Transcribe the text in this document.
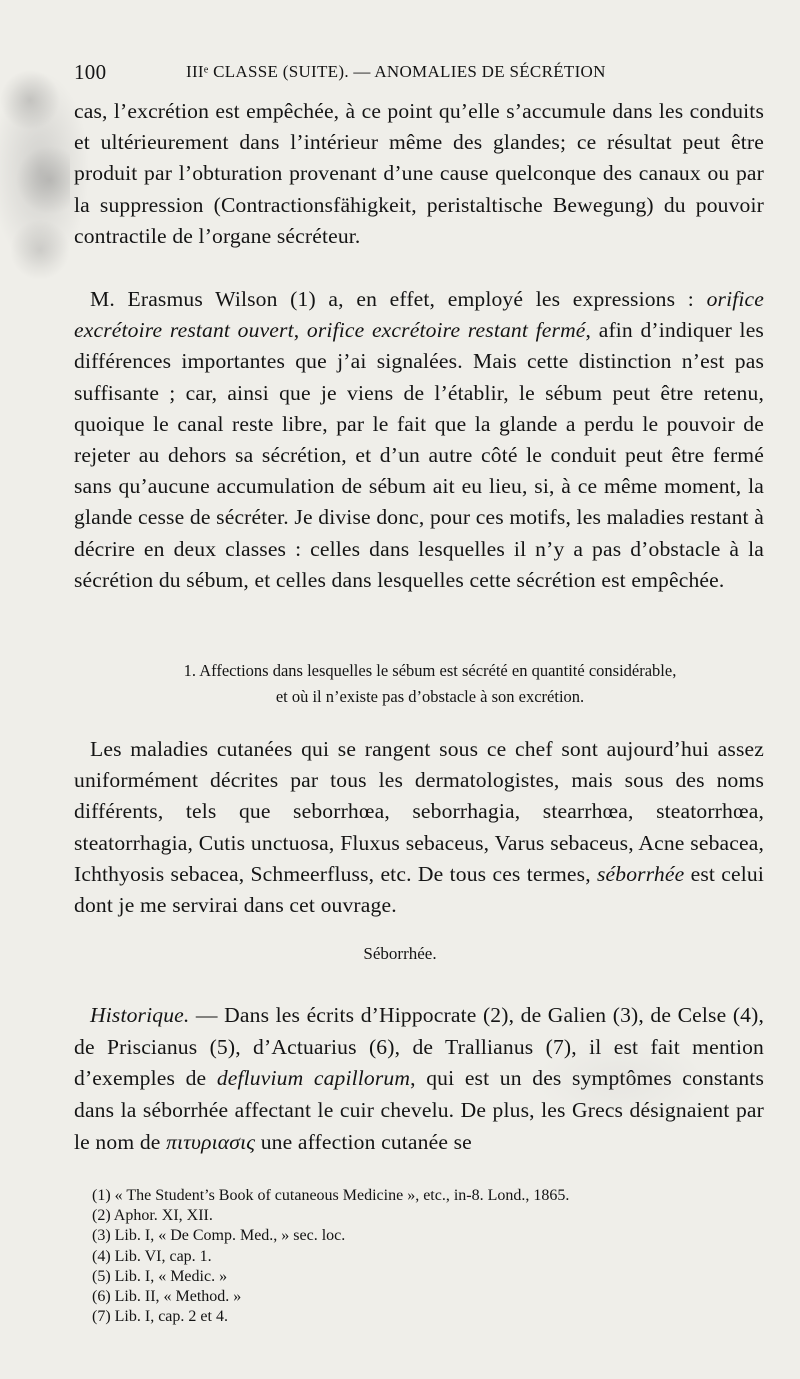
100	IIIᵉ CLASSE (SUITE). — ANOMALIES DE SÉCRÉTION
cas, l’excrétion est empêchée, à ce point qu’elle s’accumule dans les conduits et ultérieurement dans l’intérieur même des glandes; ce résultat peut être produit par l’obturation provenant d’une cause quelconque des canaux ou par la suppression (Contractionsfähigkeit, peristaltische Bewegung) du pouvoir contractile de l’organe sécréteur.
M. Erasmus Wilson (1) a, en effet, employé les expressions : orifice excrétoire restant ouvert, orifice excrétoire restant fermé, afin d’indiquer les différences importantes que j’ai signalées. Mais cette distinction n’est pas suffisante ; car, ainsi que je viens de l’établir, le sébum peut être retenu, quoique le canal reste libre, par le fait que la glande a perdu le pouvoir de rejeter au dehors sa sécrétion, et d’un autre côté le conduit peut être fermé sans qu’aucune accumulation de sébum ait eu lieu, si, à ce même moment, la glande cesse de sécréter. Je divise donc, pour ces motifs, les maladies restant à décrire en deux classes : celles dans lesquelles il n’y a pas d’obstacle à la sécrétion du sébum, et celles dans lesquelles cette sécrétion est empêchée.
1. Affections dans lesquelles le sébum est sécrété en quantité considérable,
et où il n’existe pas d’obstacle à son excrétion.
Les maladies cutanées qui se rangent sous ce chef sont aujourd’hui assez uniformément décrites par tous les dermatologistes, mais sous des noms différents, tels que seborrhœa, seborrhagia, stearrhœa, steatorrhœa, steatorrhagia, Cutis unctuosa, Fluxus sebaceus, Varus sebaceus, Acne sebacea, Ichthyosis sebacea, Schmeerfluss, etc. De tous ces termes, séborrhée est celui dont je me servirai dans cet ouvrage.
Séborrhée.
Historique. — Dans les écrits d’Hippocrate (2), de Galien (3), de Celse (4), de Priscianus (5), d’Actuarius (6), de Trallianus (7), il est fait mention d’exemples de defluvium capillorum, qui est un des symptômes constants dans la séborrhée affectant le cuir chevelu. De plus, les Grecs désignaient par le nom de πιτυριασις une affection cutanée se
(1) « The Student’s Book of cutaneous Medicine », etc., in-8. Lond., 1865.
(2) Aphor. XI, XII.
(3) Lib. I, « De Comp. Med., » sec. loc.
(4) Lib. VI, cap. 1.
(5) Lib. I, « Medic. »
(6) Lib. II, « Method. »
(7) Lib. I, cap. 2 et 4.
